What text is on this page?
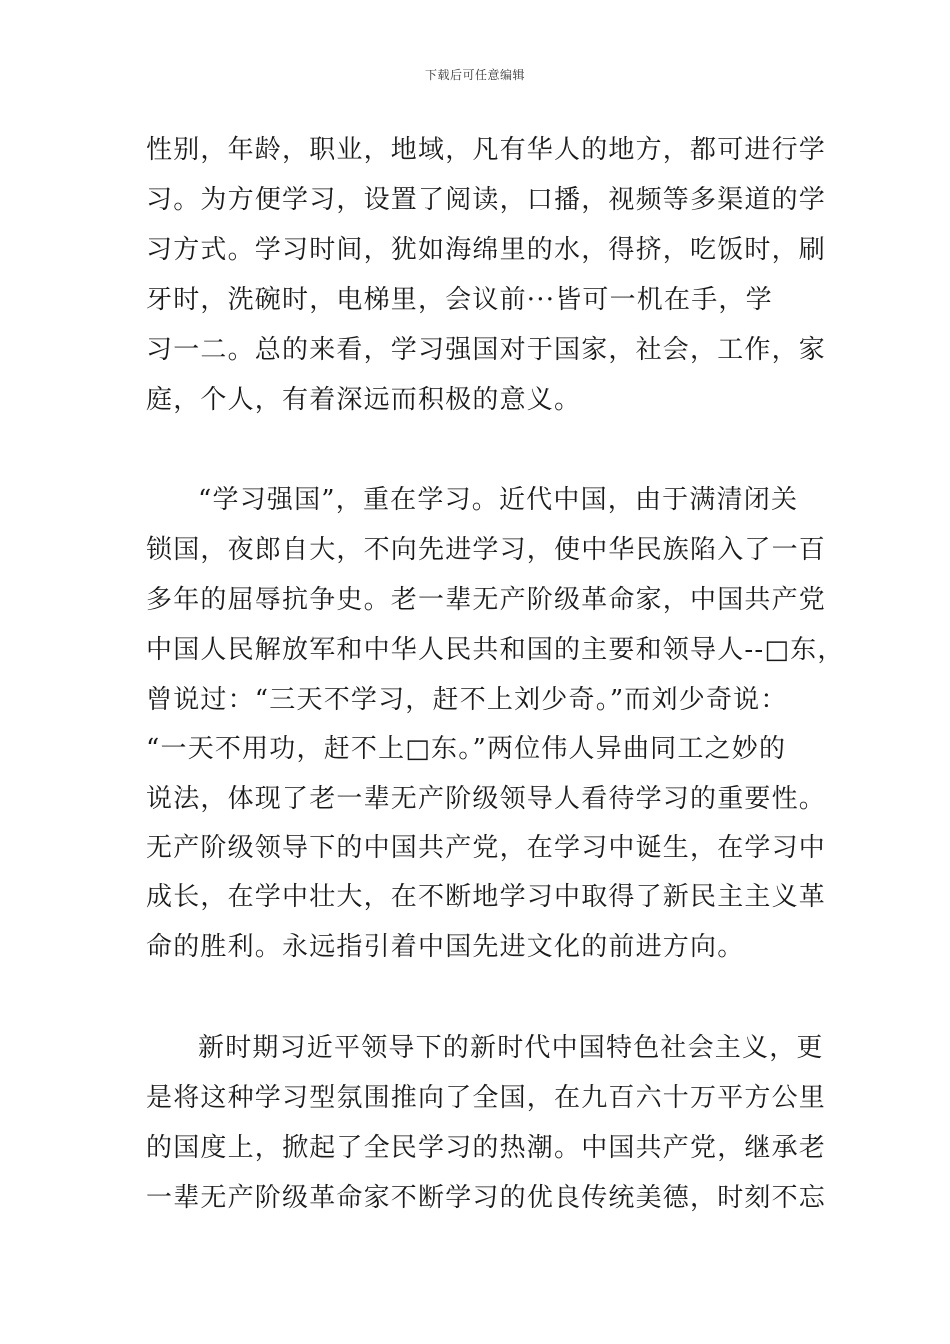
下载后可任意编辑
性别，年龄，职业，地域，凡有华人的地方，都可进行学
习。为方便学习，设置了阅读，口播，视频等多渠道的学
习方式。学习时间，犹如海绵里的水，得挤，吃饭时，刷
牙时，洗碗时，电梯里，会议前···皆可一机在手，学
习一二。总的来看，学习强国对于国家，社会，工作，家
庭，个人，有着深远而积极的意义。
“学习强国”，重在学习。近代中国，由于满清闭关
锁国，夜郎自大，不向先进学习，使中华民族陷入了一百
多年的屈辱抗争史。老一辈无产阶级革命家，中国共产党
中国人民解放军和中华人民共和国的主要和领导人--□东，
曾说过：“三天不学习，赶不上刘少奇。”而刘少奇说：
“一天不用功，赶不上□东。”两位伟人异曲同工之妙的
说法，体现了老一辈无产阶级领导人看待学习的重要性。
无产阶级领导下的中国共产党，在学习中诞生，在学习中
成长，在学中壮大，在不断地学习中取得了新民主主义革
命的胜利。永远指引着中国先进文化的前进方向。
新时期习近平领导下的新时代中国特色社会主义，更
是将这种学习型氛围推向了全国，在九百六十万平方公里
的国度上，掀起了全民学习的热潮。中国共产党，继承老
一辈无产阶级革命家不断学习的优良传统美德，时刻不忘
